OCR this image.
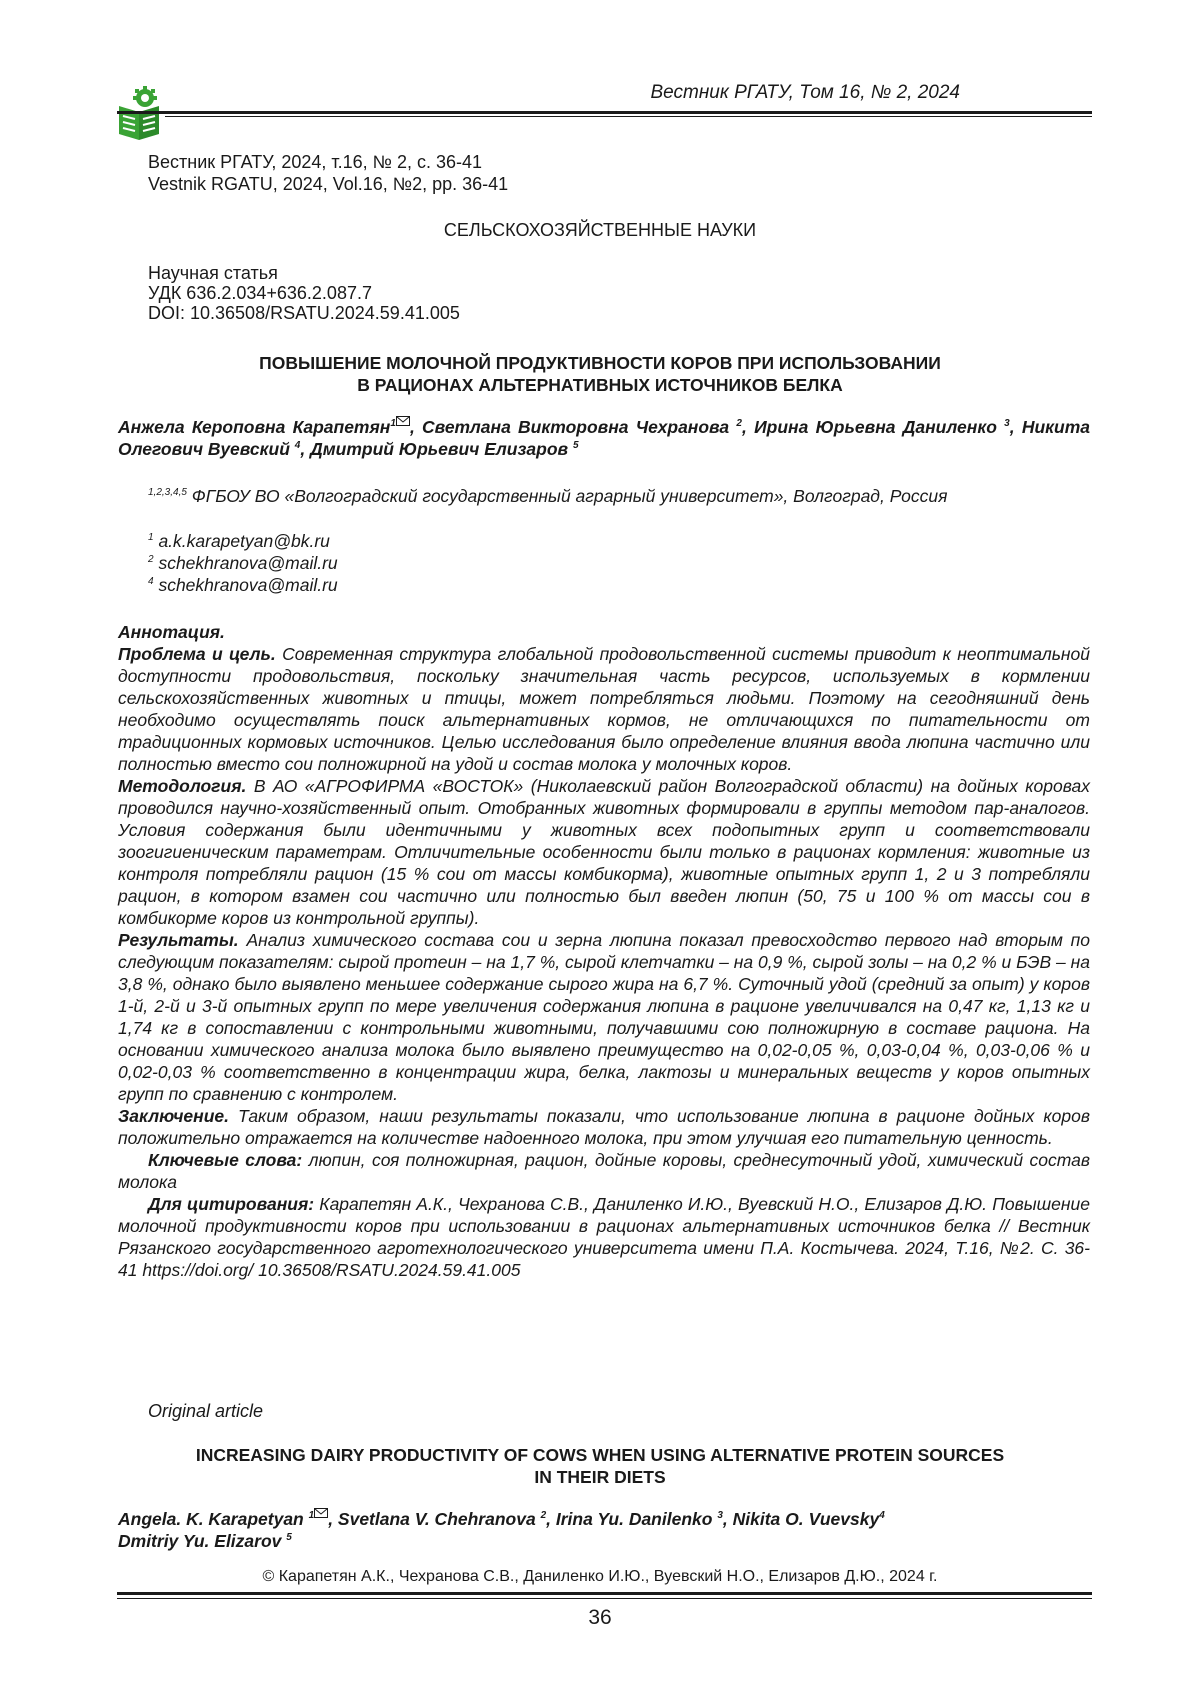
Вестник РГАТУ, Том 16, № 2, 2024
Вестник РГАТУ, 2024, т.16, № 2, с. 36-41
Vestnik RGATU, 2024, Vol.16, №2, pp. 36-41
СЕЛЬСКОХОЗЯЙСТВЕННЫЕ НАУКИ
Научная статья
УДК 636.2.034+636.2.087.7
DOI: 10.36508/RSATU.2024.59.41.005
ПОВЫШЕНИЕ МОЛОЧНОЙ ПРОДУКТИВНОСТИ КОРОВ ПРИ ИСПОЛЬЗОВАНИИ
В РАЦИОНАХ АЛЬТЕРНАТИВНЫХ ИСТОЧНИКОВ БЕЛКА
Анжела Кероповна Карапетян$^1$ , Светлана Викторовна Чехранова $^2$, Ирина Юрьевна Даниленко $^3$, Никита Олегович Вуевский $^4$, Дмитрий Юрьевич Елизаров $^5$
$^{1,2,3,4,5}$ ФГБОУ ВО «Волгоградский государственный аграрный университет», Волгоград, Россия
$^1$ a.k.karapetyan@bk.ru
$^2$ schekhranova@mail.ru
$^4$ schekhranova@mail.ru

Аннотация.

Проблема и цель. Современная структура глобальной продовольственной системы приводит к неоптимальной доступности продовольствия, поскольку значительная часть ресурсов, используемых в кормлении сельскохозяйственных животных и птицы, может потребляться людьми. Поэтому на сегодняшний день необходимо осуществлять поиск альтернативных кормов, не отличающихся по питательности от традиционных кормовых источников. Целью исследования было определение влияния ввода люпина частично или полностью вместо сои полножирной на удой и состав молока у молочных коров.

Методология. В АО «АГРОФИРМА «ВОСТОК» (Николаевский район Волгоградской области) на дойных коровах проводился научно-хозяйственный опыт. Отобранных животных формировали в группы методом пар-аналогов. Условия содержания были идентичными у животных всех подопытных групп и соответствовали зоогигиеническим параметрам. Отличительные особенности были только в рационах кормления: животные из контроля потребляли рацион (15 % сои от массы комбикорма), животные опытных групп 1, 2 и 3 потребляли рацион, в котором взамен сои частично или полностью был введен люпин (50, 75 и 100 % от массы сои в комбикорме коров из контрольной группы).

Результаты. Анализ химического состава сои и зерна люпина показал превосходство первого над вторым по следующим показателям: сырой протеин – на 1,7 %, сырой клетчатки – на 0,9 %, сырой золы – на 0,2 % и БЭВ – на 3,8 %, однако было выявлено меньшее содержание сырого жира на 6,7 %. Суточный удой (средний за опыт) у коров 1-й, 2-й и 3-й опытных групп по мере увеличения содержания люпина в рационе увеличивался на 0,47 кг, 1,13 кг и 1,74 кг в сопоставлении с контрольными животными, получавшими сою полножирную в составе рациона. На основании химического анализа молока было выявлено преимущество на 0,02-0,05 %, 0,03-0,04 %, 0,03-0,06 % и 0,02-0,03 % соответственно в концентрации жира, белка, лактозы и минеральных веществ у коров опытных групп по сравнению с контролем.

Заключение. Таким образом, наши результаты показали, что использование люпина в рационе дойных коров положительно отражается на количестве надоенного молока, при этом улучшая его питательную ценность.

Ключевые слова: люпин, соя полножирная, рацион, дойные коровы, среднесуточный удой, химический состав молока

Для цитирования: Карапетян А.К., Чехранова С.В., Даниленко И.Ю., Вуевский Н.О., Елизаров Д.Ю. Повышение молочной продуктивности коров при использовании в рационах альтернативных источников белка // Вестник Рязанского государственного агротехнологического университета имени П.А. Костычева. 2024, Т.16, №2. С. 36-41 https://doi.org/ 10.36508/RSATU.2024.59.41.005

Original article
INCREASING DAIRY PRODUCTIVITY OF COWS WHEN USING ALTERNATIVE PROTEIN SOURCES
IN THEIR DIETS
Angela. K. Karapetyan $^1$ , Svetlana V. Chehranova $^2$, Irina Yu. Danilenko $^3$, Nikita O. Vuevsky$^4$
Dmitriy Yu. Elizarov $^5$
© Карапетян А.К., Чехранова С.В., Даниленко И.Ю., Вуевский Н.О., Елизаров Д.Ю., 2024 г.
36
